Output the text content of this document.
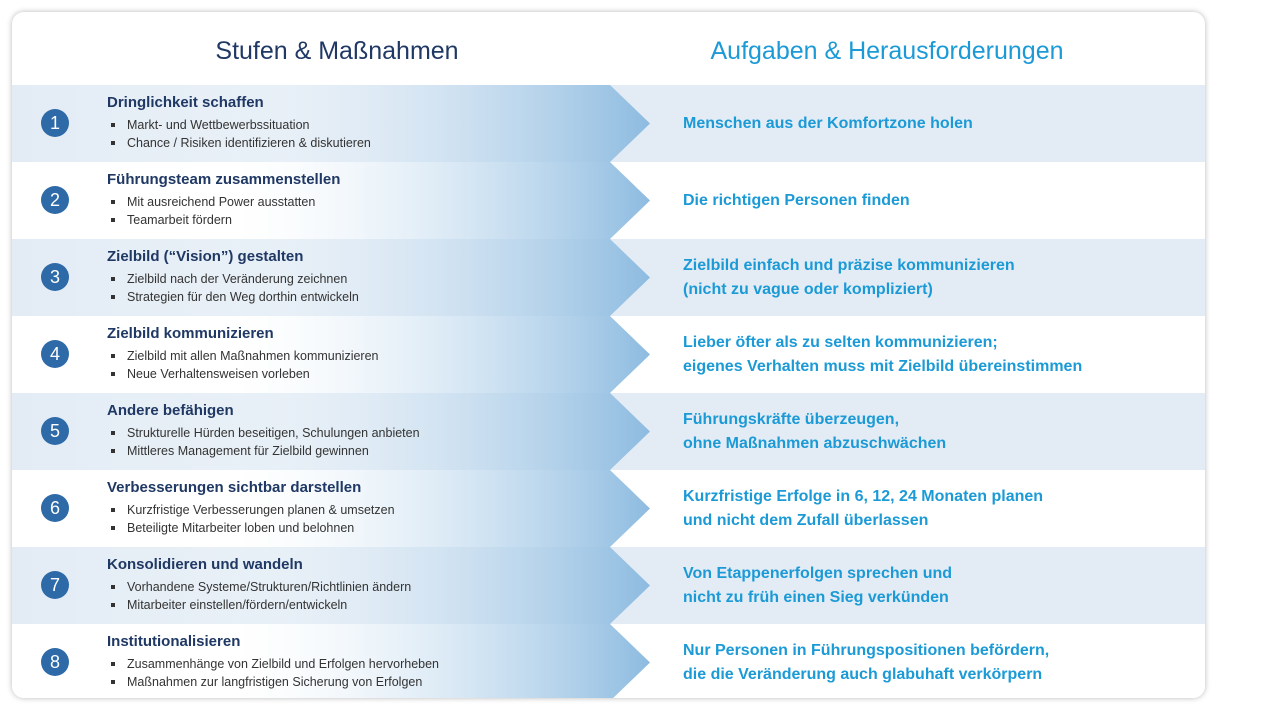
Stufen & Maßnahmen	Aufgaben & Herausforderungen
1
Dringlichkeit schaffen
Markt- und Wettbewerbssituation
Chance / Risiken identifizieren & diskutieren
Menschen aus der Komfortzone holen
2
Führungsteam zusammenstellen
Mit ausreichend Power ausstatten
Teamarbeit fördern
Die richtigen Personen finden
3
Zielbild (“Vision”) gestalten
Zielbild nach der Veränderung zeichnen
Strategien für den Weg dorthin entwickeln
Zielbild einfach und präzise kommunizieren
(nicht zu vague oder kompliziert)
4
Zielbild kommunizieren
Zielbild mit allen Maßnahmen kommunizieren
Neue Verhaltensweisen vorleben
Lieber öfter als zu selten kommunizieren;
eigenes Verhalten muss mit Zielbild übereinstimmen
5
Andere befähigen
Strukturelle Hürden beseitigen, Schulungen anbieten
Mittleres Management für Zielbild gewinnen
Führungskräfte überzeugen,
ohne Maßnahmen abzuschwächen
6
Verbesserungen sichtbar darstellen
Kurzfristige Verbesserungen planen & umsetzen
Beteiligte Mitarbeiter loben und belohnen
Kurzfristige Erfolge in 6, 12, 24 Monaten planen
und nicht dem Zufall überlassen
7
Konsolidieren und wandeln
Vorhandene Systeme/Strukturen/Richtlinien ändern
Mitarbeiter einstellen/fördern/entwickeln
Von Etappenerfolgen sprechen und
nicht zu früh einen Sieg verkünden
8
Institutionalisieren
Zusammenhänge von Zielbild und Erfolgen hervorheben
Maßnahmen zur langfristigen Sicherung von Erfolgen
Nur Personen in Führungspositionen befördern,
die die Veränderung auch glabuhaft verkörpern
